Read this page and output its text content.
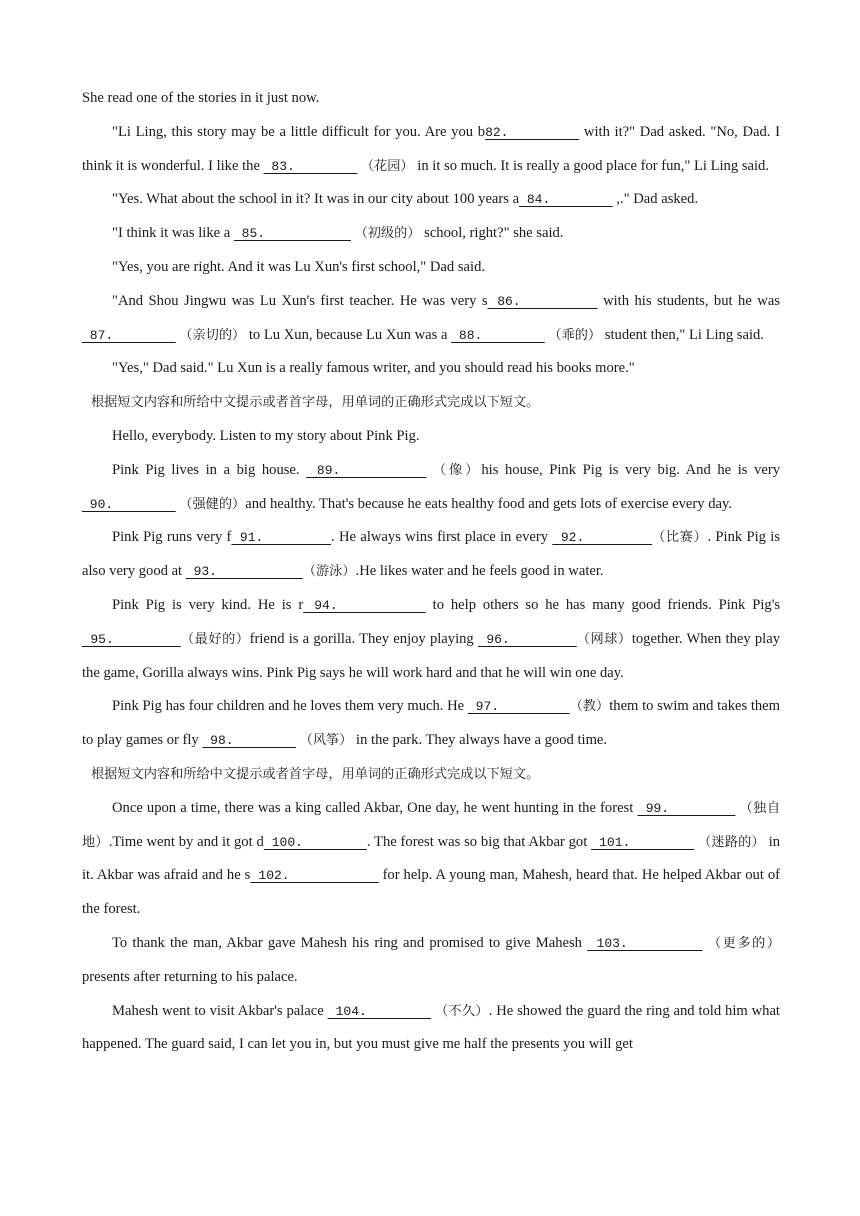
She read one of the stories in it just now.

"Li Ling, this story may be a little difficult for you. Are you b82.         with it?" Dad asked. "No, Dad. I think it is wonderful. I like the  83.         （花园） in it so much. It is really a good place for fun," Li Ling said.

"Yes. What about the school in it? It was in our city about 100 years a 84.         ,." Dad asked.

"I think it was like a  85.            （初级的） school, right?" she said.

"Yes, you are right. And it was Lu Xun's first school," Dad said.

"And Shou Jingwu was Lu Xun's first teacher. He was very s 86.         with his students, but he was  87.         （亲切的） to Lu Xun, because Lu Xun was a  88.         （乖的） student then," Li Ling said.

"Yes," Dad said." Lu Xun is a really famous writer, and you should read his books more."

根据短文内容和所给中文提示或者首字母，用单词的正确形式完成以下短文。

Hello, everybody. Listen to my story about Pink Pig.

Pink Pig lives in a big house.  89.         （像）his house, Pink Pig is very big. And he is very  90.         （强健的）and healthy. That's because he eats healthy food and gets lots of exercise every day.

Pink Pig runs very f 91.        . He always wins first place in every  92.        （比赛）. Pink Pig is also very good at  93.           （游泳）.He likes water and he feels good in water.

Pink Pig is very kind. He is r 94.         to help others so he has many good friends. Pink Pig's  95.        （最好的）friend is a gorilla. They enjoy playing  96.        （网球）together. When they play the game, Gorilla always wins. Pink Pig says he will work hard and that he will win one day.

Pink Pig has four children and he loves them very much. He  97.         （教）them to swim and takes them to play games or fly  98.         （风筝） in the park. They always have a good time.

根据短文内容和所给中文提示或者首字母，用单词的正确形式完成以下短文。

Once upon a time, there was a king called Akbar, One day, he went hunting in the forest  99.         （独自地）.Time went by and it got d 100.        . The forest was so big that Akbar got  101.         （迷路的） in it. Akbar was afraid and he s 102.            for help. A young man, Mahesh, heard that. He helped Akbar out of the forest.

To thank the man, Akbar gave Mahesh his ring and promised to give Mahesh  103.         （更多的） presents after returning to his palace.

Mahesh went to visit Akbar's palace  104.         （不久）. He showed the guard the ring and told him what happened. The guard said, I can let you in, but you must give me half the presents you will get
